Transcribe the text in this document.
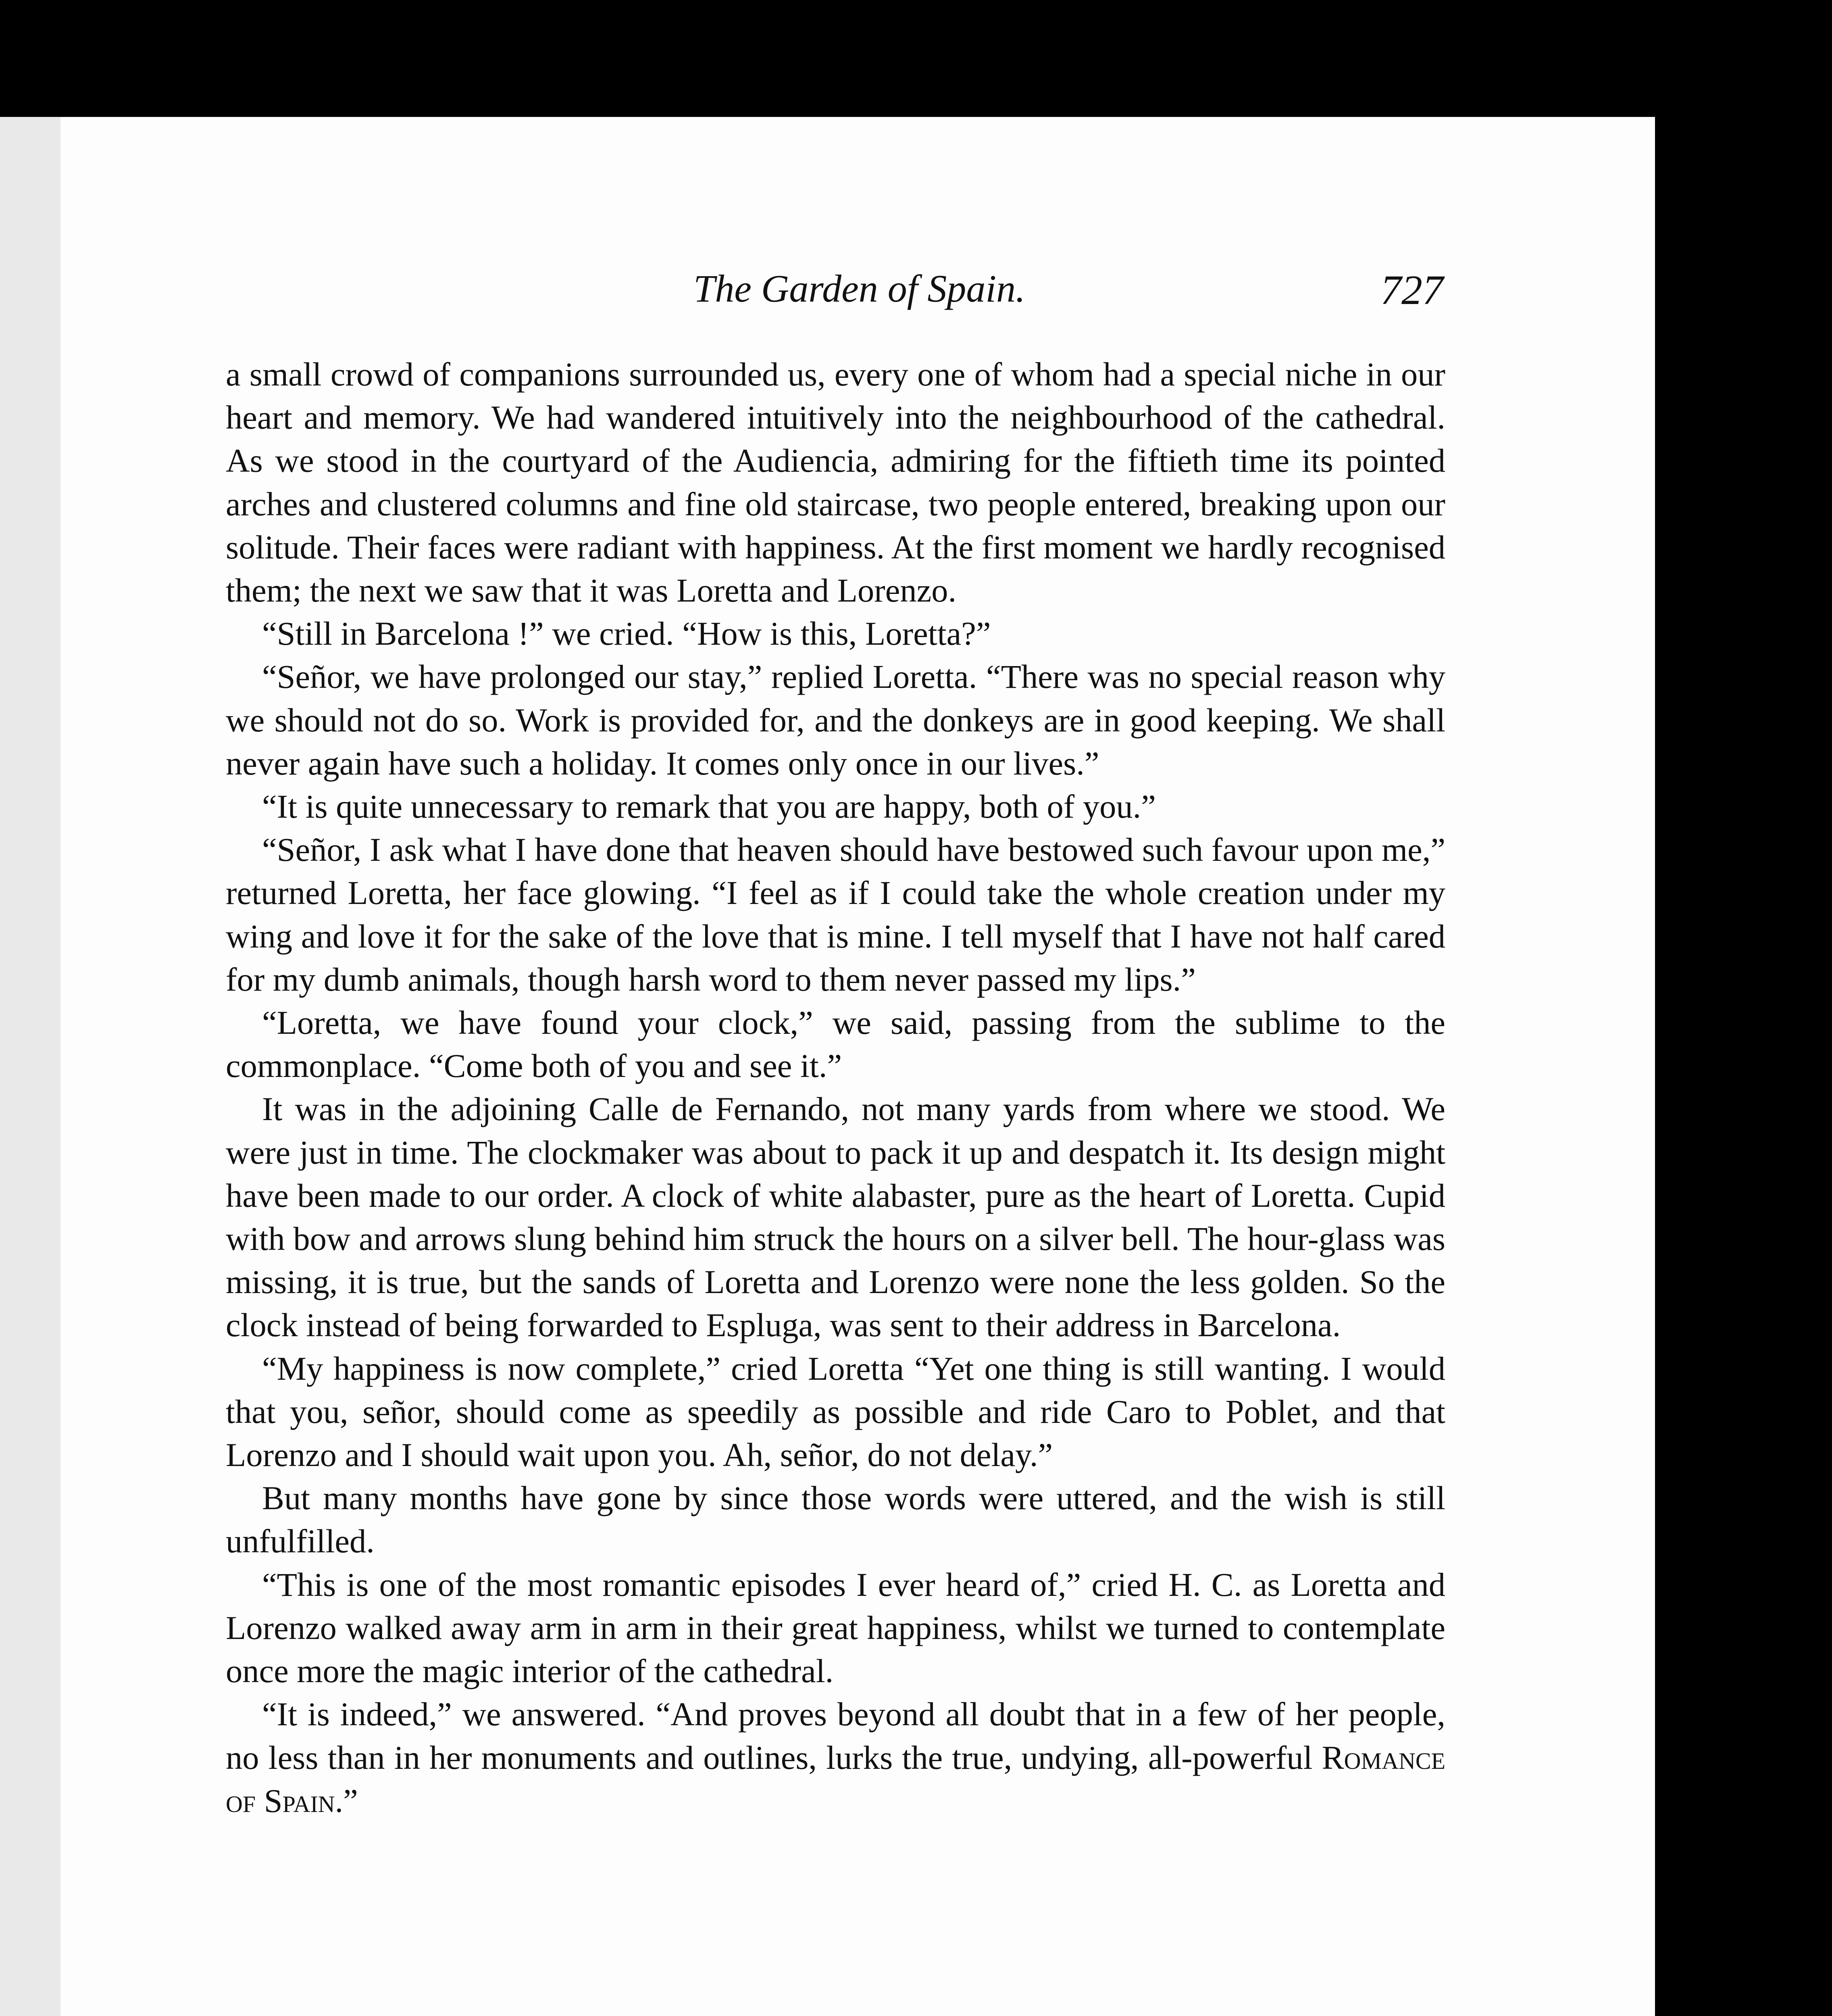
The Garden of Spain.	727

a small crowd of companions surrounded us, every one of whom had a special niche in our heart and memory. We had wandered intuitively into the neighbourhood of the cathedral. As we stood in the courtyard of the Audiencia, admiring for the fiftieth time its pointed arches and clustered columns and fine old staircase, two people entered, breaking upon our solitude. Their faces were radiant with happiness. At the first moment we hardly recognised them; the next we saw that it was Loretta and Lorenzo.

“Still in Barcelona !” we cried. “How is this, Loretta?”

“Señor, we have prolonged our stay,” replied Loretta. “There was no special reason why we should not do so. Work is provided for, and the donkeys are in good keeping. We shall never again have such a holiday. It comes only once in our lives.”

“It is quite unnecessary to remark that you are happy, both of you.”

“Señor, I ask what I have done that heaven should have bestowed such favour upon me,” returned Loretta, her face glowing. “I feel as if I could take the whole creation under my wing and love it for the sake of the love that is mine. I tell myself that I have not half cared for my dumb animals, though harsh word to them never passed my lips.”

“Loretta, we have found your clock,” we said, passing from the sublime to the commonplace. “Come both of you and see it.”

It was in the adjoining Calle de Fernando, not many yards from where we stood. We were just in time. The clockmaker was about to pack it up and despatch it. Its design might have been made to our order. A clock of white alabaster, pure as the heart of Loretta. Cupid with bow and arrows slung behind him struck the hours on a silver bell. The hour-glass was missing, it is true, but the sands of Loretta and Lorenzo were none the less golden. So the clock instead of being forwarded to Espluga, was sent to their address in Barcelona.

“My happiness is now complete,” cried Loretta “Yet one thing is still wanting. I would that you, señor, should come as speedily as possible and ride Caro to Poblet, and that Lorenzo and I should wait upon you. Ah, señor, do not delay.”

But many months have gone by since those words were uttered, and the wish is still unfulfilled.

“This is one of the most romantic episodes I ever heard of,” cried H. C. as Loretta and Lorenzo walked away arm in arm in their great happiness, whilst we turned to contemplate once more the magic interior of the cathedral.

“It is indeed,” we answered. “And proves beyond all doubt that in a few of her people, no less than in her monuments and outlines, lurks the true, undying, all-powerful Romance of Spain.”
